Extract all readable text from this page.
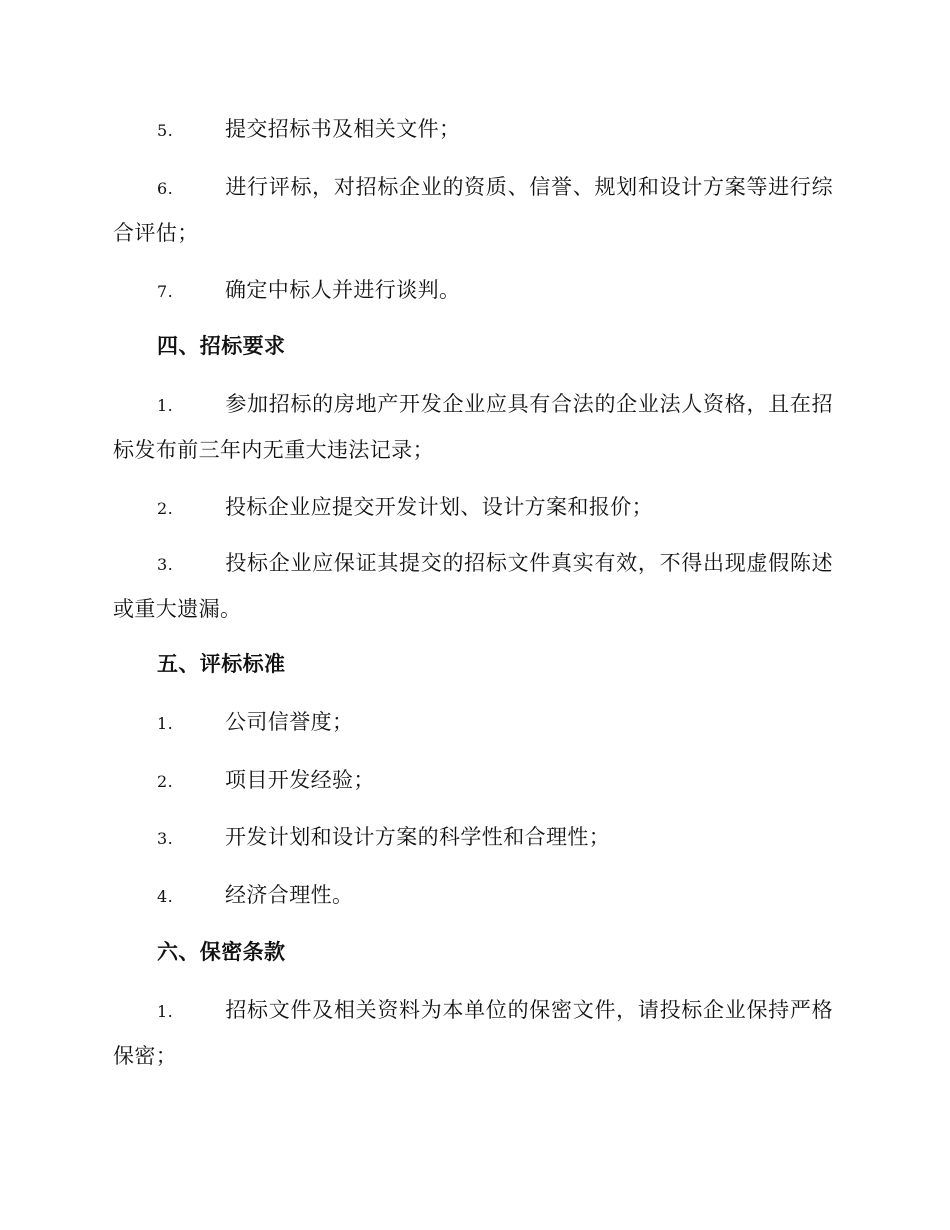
5. 提交招标书及相关文件；
6. 进行评标，对招标企业的资质、信誉、规划和设计方案等进行综
合评估；
7. 确定中标人并进行谈判。
四、招标要求
1. 参加招标的房地产开发企业应具有合法的企业法人资格，且在招
标发布前三年内无重大违法记录；
2. 投标企业应提交开发计划、设计方案和报价；
3. 投标企业应保证其提交的招标文件真实有效，不得出现虚假陈述
或重大遗漏。
五、评标标准
1. 公司信誉度；
2. 项目开发经验；
3. 开发计划和设计方案的科学性和合理性；
4. 经济合理性。
六、保密条款
1. 招标文件及相关资料为本单位的保密文件，请投标企业保持严格
保密；
